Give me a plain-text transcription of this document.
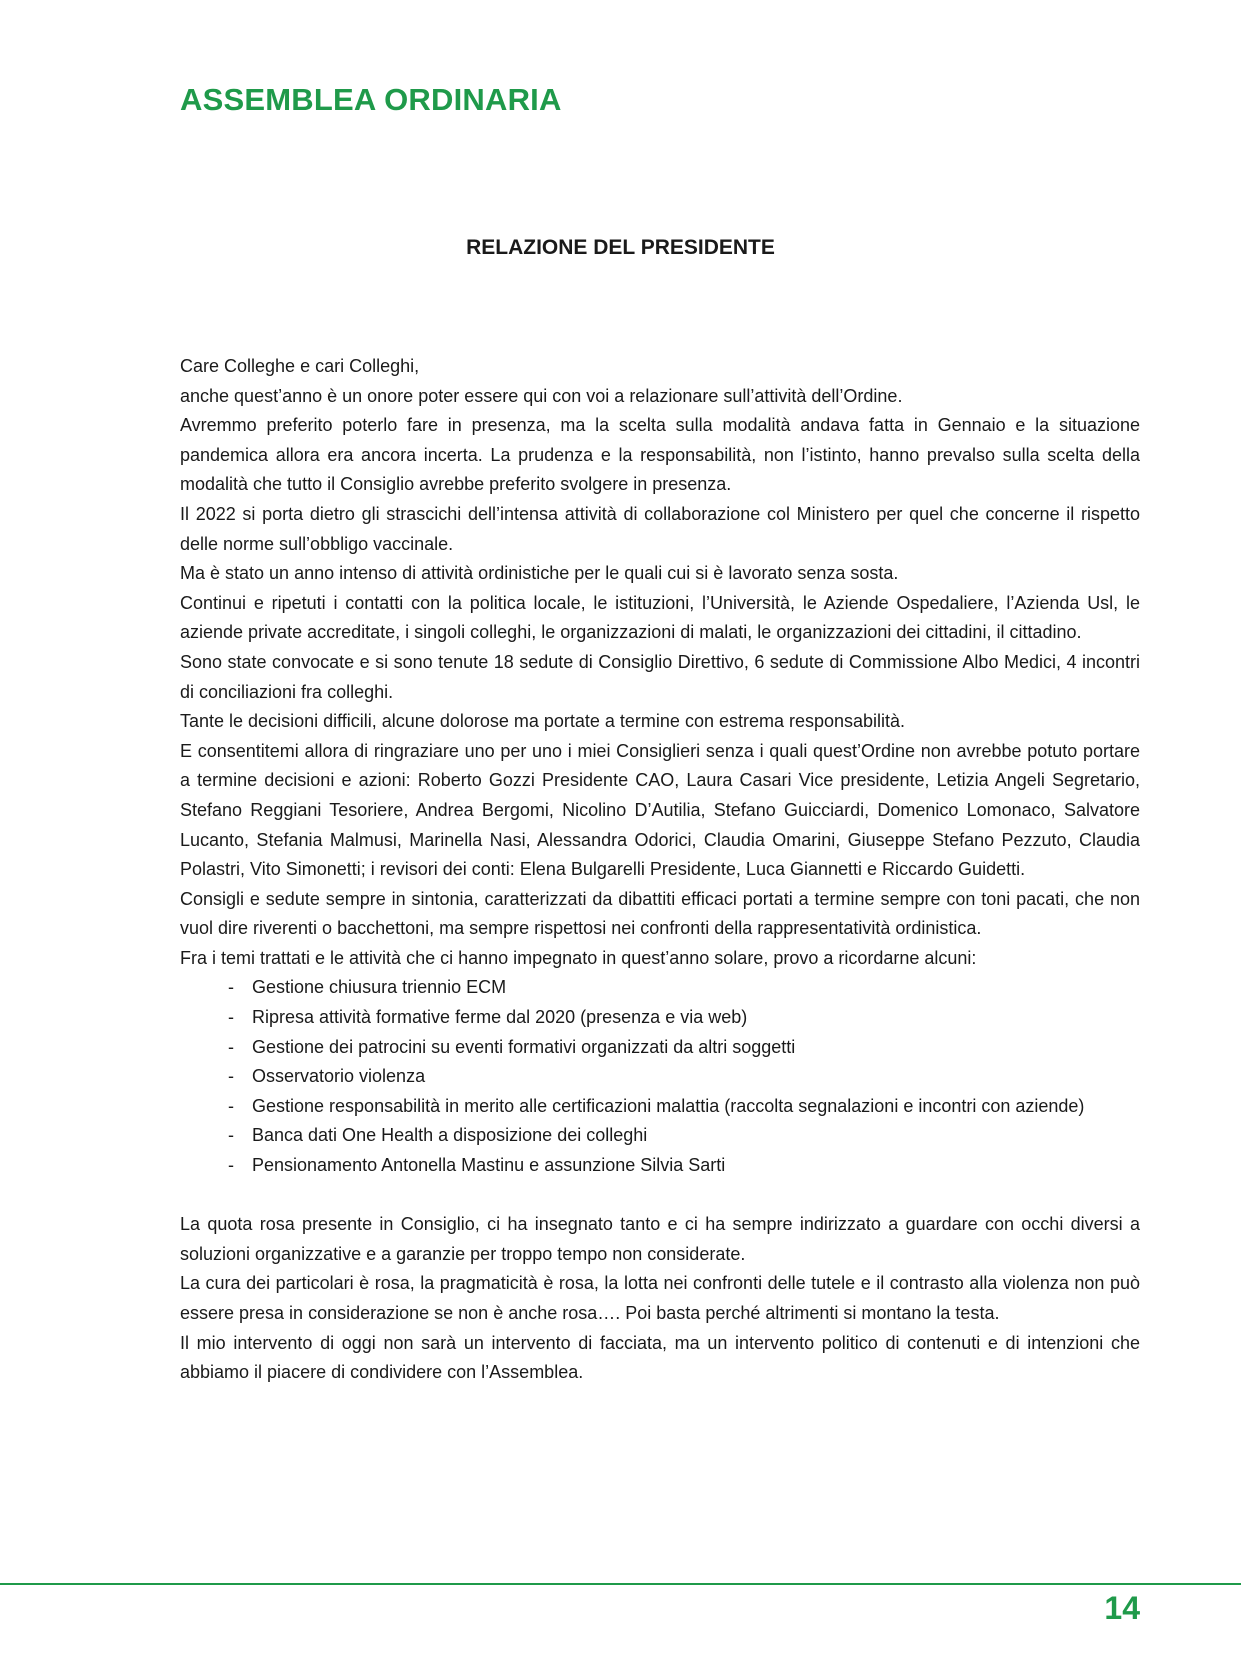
ASSEMBLEA ORDINARIA
RELAZIONE DEL PRESIDENTE

Care Colleghe e cari Colleghi,

anche quest’anno è un onore poter essere qui con voi a relazionare sull’attività dell’Ordine.

Avremmo preferito poterlo fare in presenza, ma la scelta sulla modalità andava fatta in Gennaio e la situazione pandemica allora era ancora incerta. La prudenza e la responsabilità, non l’istinto, hanno prevalso sulla scelta della modalità che tutto il Consiglio avrebbe preferito svolgere in presenza.

Il 2022 si porta dietro gli strascichi dell’intensa attività di collaborazione col Ministero per quel che concerne il rispetto delle norme sull’obbligo vaccinale.

Ma è stato un anno intenso di attività ordinistiche per le quali cui si è lavorato senza sosta.

Continui e ripetuti i contatti con la politica locale, le istituzioni, l’Università, le Aziende Ospedaliere, l’Azienda Usl, le aziende private accreditate, i singoli colleghi, le organizzazioni di malati, le organizzazioni dei cittadini, il cittadino.

Sono state convocate e si sono tenute 18 sedute di Consiglio Direttivo, 6 sedute di Commissione Albo Medici, 4 incontri di conciliazioni fra colleghi.

Tante le decisioni difficili, alcune dolorose ma portate a termine con estrema responsabilità.

E consentitemi allora di ringraziare uno per uno i miei Consiglieri senza i quali quest’Ordine non avrebbe potuto portare a termine decisioni e azioni: Roberto Gozzi Presidente CAO, Laura Casari Vice presidente, Letizia Angeli Segretario, Stefano Reggiani Tesoriere, Andrea Bergomi, Nicolino D’Autilia, Stefano Guicciardi, Domenico Lomonaco, Salvatore Lucanto, Stefania Malmusi, Marinella Nasi, Alessandra Odorici, Claudia Omarini, Giuseppe Stefano Pezzuto, Claudia Polastri, Vito Simonetti; i revisori dei conti: Elena Bulgarelli Presidente, Luca Giannetti e Riccardo Guidetti.

Consigli e sedute sempre in sintonia, caratterizzati da dibattiti efficaci portati a termine sempre con toni pacati, che non vuol dire riverenti o bacchettoni, ma sempre rispettosi nei confronti della rappresentatività ordinistica.

Fra i temi trattati e le attività che ci hanno impegnato in quest’anno solare, provo a ricordarne alcuni:

- Gestione chiusura triennio ECM
- Ripresa attività formative ferme dal 2020 (presenza e via web)
- Gestione dei patrocini su eventi formativi organizzati da altri soggetti
- Osservatorio violenza
- Gestione responsabilità in merito alle certificazioni malattia (raccolta segnalazioni e incontri con aziende)
- Banca dati One Health a disposizione dei colleghi
- Pensionamento Antonella Mastinu e assunzione Silvia Sarti

La quota rosa presente in Consiglio, ci ha insegnato tanto e ci ha sempre indirizzato a guardare con occhi diversi a soluzioni organizzative e a garanzie per troppo tempo non considerate.

La cura dei particolari è rosa, la pragmaticità è rosa, la lotta nei confronti delle tutele e il contrasto alla violenza non può essere presa in considerazione se non è anche rosa…. Poi basta perché altrimenti si montano la testa.

Il mio intervento di oggi non sarà un intervento di facciata, ma un intervento politico di contenuti e di intenzioni che abbiamo il piacere di condividere con l’Assemblea.

14
